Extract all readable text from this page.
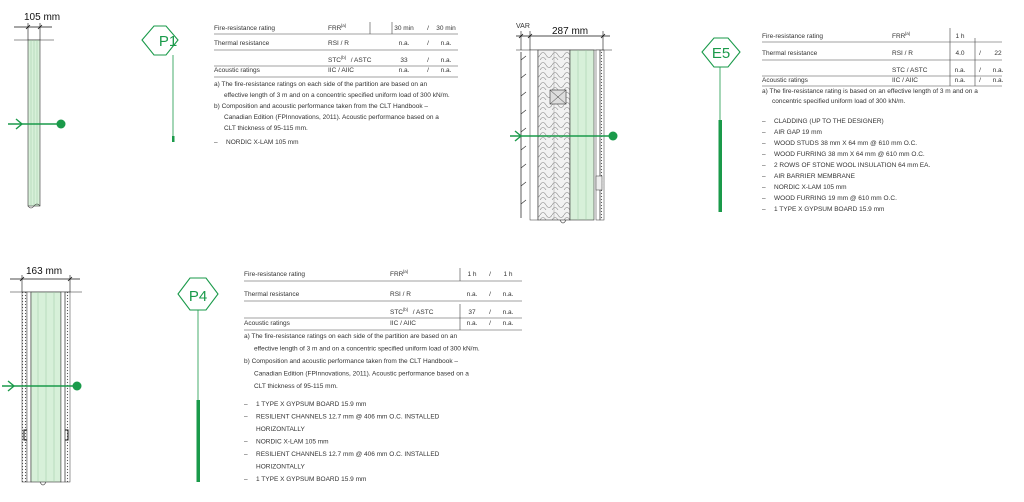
105 mm
P1
Fire-resistance rating	FRR (a)	30 min / 30 min
Thermal resistance	RSI / R	n.a.	/ n.a.
STC (b) / ASTC	33	/ n.a.
Acoustic ratings	IIC / AIIC	n.a.	/ n.a.
a) The fire-resistance ratings on each side of the partition are based on an
effective length of 3 m and on a concentric specified uniform load of 300 kN/m.
b) Composition and acoustic performance taken from the CLT Handbook –
Canadian Edition (FPInnovations, 2011). Acoustic performance based on a
CLT thickness of 95-115 mm.
– NORDIC X-LAM 105 mm
VAR 287 mm
E5
Fire-resistance rating	FRR (a)	1 h
Thermal resistance	RSI / R	4.0 / 22
STC / ASTC	n.a. / n.a.
Acoustic ratings	IIC / AIIC	n.a. / n.a.
a) The fire-resistance rating is based on an effective length of 3 m and on a
concentric specified uniform load of 300 kN/m.
– CLADDING (UP TO THE DESIGNER)
– AIR GAP 19 mm
– WOOD STUDS 38 mm X 64 mm @ 610 mm O.C.
– WOOD FURRING 38 mm X 64 mm @ 610 mm O.C.
– 2 ROWS OF STONE WOOL INSULATION 64 mm EA.
– AIR BARRIER MEMBRANE
– NORDIC X-LAM 105 mm
– WOOD FURRING 19 mm @ 610 mm O.C.
– 1 TYPE X GYPSUM BOARD 15.9 mm
163 mm
P4
Fire-resistance rating	FRR (a)	1 h / 1 h
Thermal resistance	RSI / R	n.a. / n.a.
STC (b) / ASTC	37 / n.a.
Acoustic ratings	IIC / AIIC	n.a. / n.a.
a) The fire-resistance ratings on each side of the partition are based on an
effective length of 3 m and on a concentric specified uniform load of 300 kN/m.
b) Composition and acoustic performance taken from the CLT Handbook –
Canadian Edition (FPInnovations, 2011). Acoustic performance based on a
CLT thickness of 95-115 mm.
– 1 TYPE X GYPSUM BOARD 15.9 mm
– RESILIENT CHANNELS 12.7 mm @ 406 mm O.C. INSTALLED
HORIZONTALLY
– NORDIC X-LAM 105 mm
– RESILIENT CHANNELS 12.7 mm @ 406 mm O.C. INSTALLED
HORIZONTALLY
– 1 TYPE X GYPSUM BOARD 15.9 mm
